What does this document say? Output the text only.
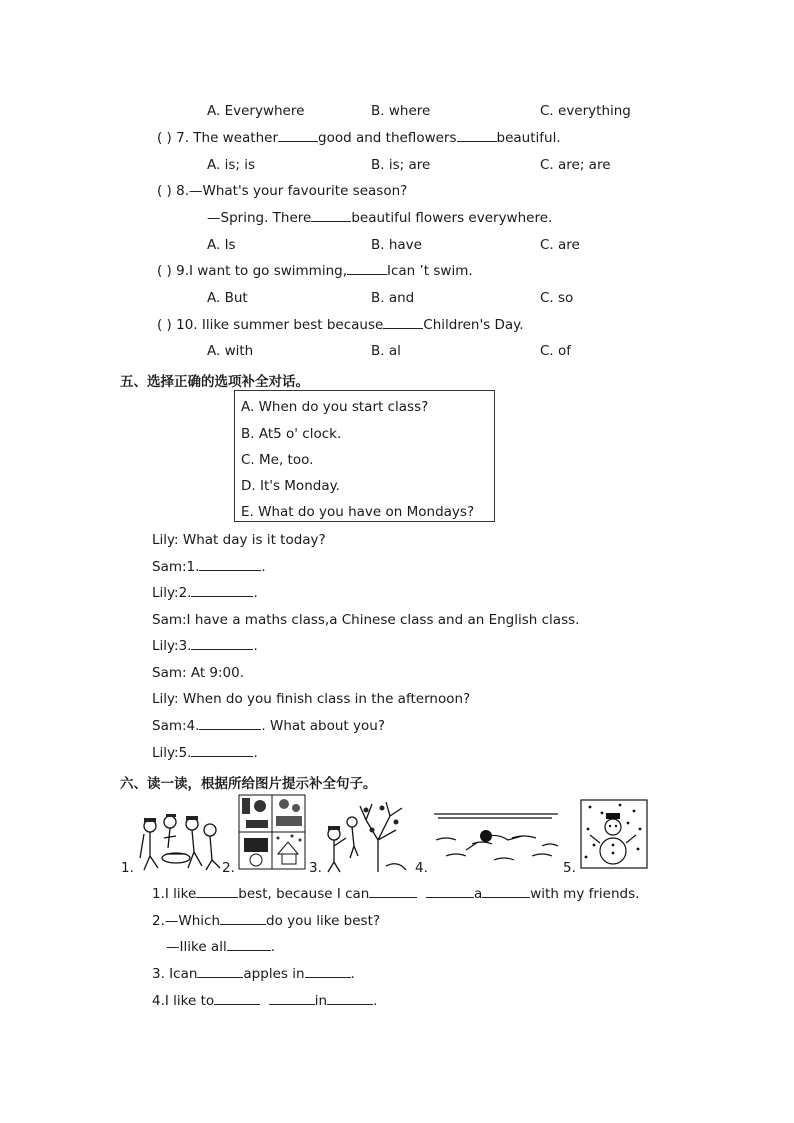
A. Everywhere	B. where	C. everything
( ) 7. The weather	good and theflowers	beautiful.
A. is; is	B. is; are	C. are; are
( ) 8.—What's your favourite season?
—Spring. There	beautiful flowers everywhere.
A. Is	B. have	C. are
( ) 9.I want to go swimming,	Ican ’t swim.
A. But	B. and	C. so
( ) 10. Ilike summer best because	Children's Day.
A. with	B. al	C. of
五、选择正确的选项补全对话。
A. When do you start class?
B. At5 o' clock.
C. Me, too.
D. It's Monday.
E. What do you have on Mondays?
Lily: What day is it today?
Sam:1.	.
Lily:2.	.
Sam:I have a maths class,a Chinese class and an English class.
Lily:3.	.
Sam: At 9:00.
Lily: When do you finish class in the afternoon?
Sam:4.	. What about you?
Lily:5.	.
六、读一读，根据所给图片提示补全句子。
1.	2.	3.	4.	5.
1.I like	best, because I can	a	with my friends.
2.—Which	do you like best?
—Ilike all	.
3. Ican	apples in	.
4.I like to	in	.
